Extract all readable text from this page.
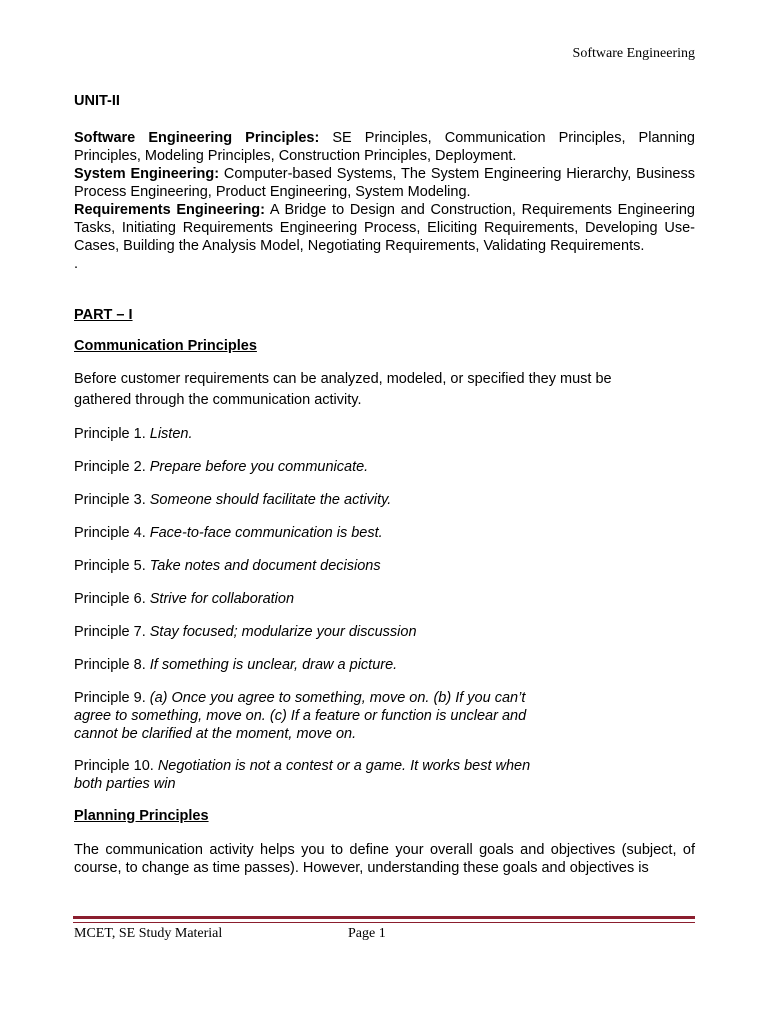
Software Engineering

UNIT-II

Software Engineering Principles: SE Principles, Communication Principles, Planning Principles, Modeling Principles, Construction Principles, Deployment.

System Engineering: Computer-based Systems, The System Engineering Hierarchy, Business Process Engineering, Product Engineering, System Modeling.

Requirements Engineering: A Bridge to Design and Construction, Requirements Engineering Tasks, Initiating Requirements Engineering Process, Eliciting Requirements, Developing Use-Cases, Building the Analysis Model, Negotiating Requirements, Validating Requirements.

.

PART – I

Communication Principles

Before customer requirements can be analyzed, modeled, or specified they must be gathered through the communication activity.

Principle 1. Listen.

Principle 2. Prepare before you communicate.

Principle 3. Someone should facilitate the activity.

Principle 4. Face-to-face communication is best.

Principle 5. Take notes and document decisions

Principle 6. Strive for collaboration

Principle 7. Stay focused; modularize your discussion

Principle 8. If something is unclear, draw a picture.

Principle 9. (a) Once you agree to something, move on. (b) If you can’t agree to something, move on. (c) If a feature or function is unclear and cannot be clarified at the moment, move on.

Principle 10. Negotiation is not a contest or a game. It works best when both parties win

Planning Principles

The communication activity helps you to define your overall goals and objectives (subject, of course, to change as time passes). However, understanding these goals and objectives is

MCET, SE Study Material	Page 1
